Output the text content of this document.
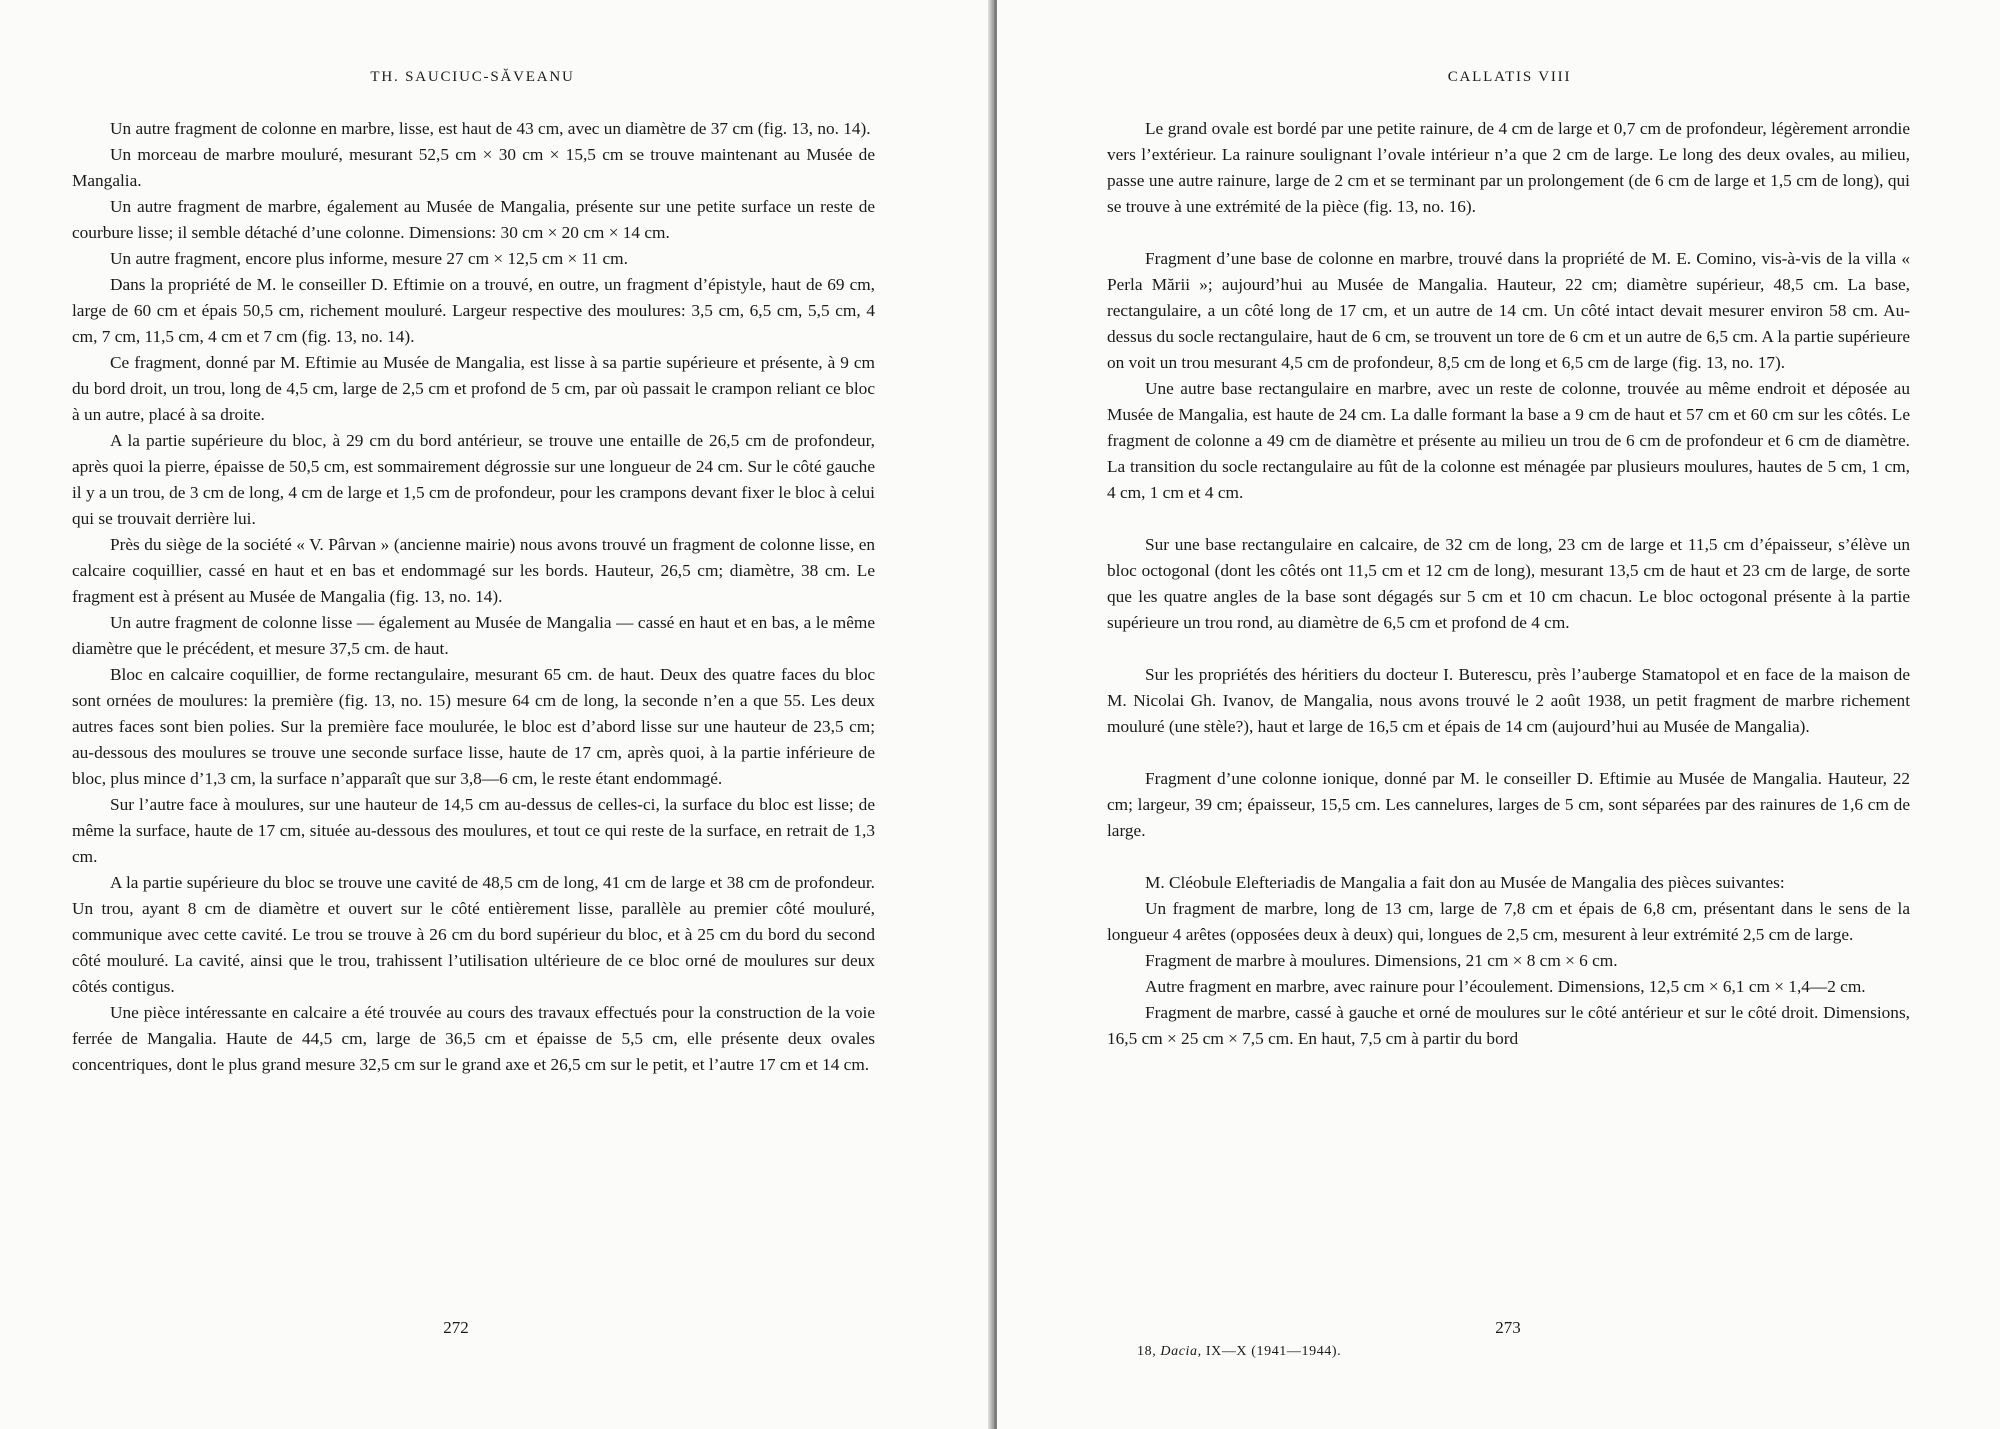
TH. SAUCIUC-SĂVEANU

Un autre fragment de colonne en marbre, lisse, est haut de 43 cm, avec un diamètre de 37 cm (fig. 13, no. 14).

Un morceau de marbre mouluré, mesurant 52,5 cm × 30 cm × 15,5 cm se trouve maintenant au Musée de Mangalia.

Un autre fragment de marbre, également au Musée de Mangalia, présente sur une petite surface un reste de courbure lisse; il semble détaché d’une colonne. Dimensions: 30 cm × 20 cm × 14 cm.

Un autre fragment, encore plus informe, mesure 27 cm × 12,5 cm × 11 cm.

Dans la propriété de M. le conseiller D. Eftimie on a trouvé, en outre, un fragment d’épistyle, haut de 69 cm, large de 60 cm et épais 50,5 cm, richement mouluré. Largeur respective des moulures: 3,5 cm, 6,5 cm, 5,5 cm, 4 cm, 7 cm, 11,5 cm, 4 cm et 7 cm (fig. 13, no. 14).

Ce fragment, donné par M. Eftimie au Musée de Mangalia, est lisse à sa partie supérieure et présente, à 9 cm du bord droit, un trou, long de 4,5 cm, large de 2,5 cm et profond de 5 cm, par où passait le crampon reliant ce bloc à un autre, placé à sa droite.

A la partie supérieure du bloc, à 29 cm du bord antérieur, se trouve une entaille de 26,5 cm de profondeur, après quoi la pierre, épaisse de 50,5 cm, est sommairement dégrossie sur une longueur de 24 cm. Sur le côté gauche il y a un trou, de 3 cm de long, 4 cm de large et 1,5 cm de profondeur, pour les crampons devant fixer le bloc à celui qui se trouvait derrière lui.

Près du siège de la société « V. Pârvan » (ancienne mairie) nous avons trouvé un fragment de colonne lisse, en calcaire coquillier, cassé en haut et en bas et endommagé sur les bords. Hauteur, 26,5 cm; diamètre, 38 cm. Le fragment est à présent au Musée de Mangalia (fig. 13, no. 14).

Un autre fragment de colonne lisse — également au Musée de Mangalia — cassé en haut et en bas, a le même diamètre que le précédent, et mesure 37,5 cm. de haut.

Bloc en calcaire coquillier, de forme rectangulaire, mesurant 65 cm. de haut. Deux des quatre faces du bloc sont ornées de moulures: la première (fig. 13, no. 15) mesure 64 cm de long, la seconde n’en a que 55. Les deux autres faces sont bien polies. Sur la première face moulurée, le bloc est d’abord lisse sur une hauteur de 23,5 cm; au-dessous des moulures se trouve une seconde surface lisse, haute de 17 cm, après quoi, à la partie inférieure de bloc, plus mince d’1,3 cm, la surface n’apparaît que sur 3,8—6 cm, le reste étant endommagé.

Sur l’autre face à moulures, sur une hauteur de 14,5 cm au-dessus de celles-ci, la surface du bloc est lisse; de même la surface, haute de 17 cm, située au-dessous des moulures, et tout ce qui reste de la surface, en retrait de 1,3 cm.

A la partie supérieure du bloc se trouve une cavité de 48,5 cm de long, 41 cm de large et 38 cm de profondeur. Un trou, ayant 8 cm de diamètre et ouvert sur le côté entièrement lisse, parallèle au premier côté mouluré, communique avec cette cavité. Le trou se trouve à 26 cm du bord supérieur du bloc, et à 25 cm du bord du second côté mouluré. La cavité, ainsi que le trou, trahissent l’utilisation ultérieure de ce bloc orné de moulures sur deux côtés contigus.

Une pièce intéressante en calcaire a été trouvée au cours des travaux effectués pour la construction de la voie ferrée de Mangalia. Haute de 44,5 cm, large de 36,5 cm et épaisse de 5,5 cm, elle présente deux ovales concentriques, dont le plus grand mesure 32,5 cm sur le grand axe et 26,5 cm sur le petit, et l’autre 17 cm et 14 cm.

272
CALLATIS VIII

Le grand ovale est bordé par une petite rainure, de 4 cm de large et 0,7 cm de profondeur, légèrement arrondie vers l’extérieur. La rainure soulignant l’ovale intérieur n’a que 2 cm de large. Le long des deux ovales, au milieu, passe une autre rainure, large de 2 cm et se terminant par un prolongement (de 6 cm de large et 1,5 cm de long), qui se trouve à une extrémité de la pièce (fig. 13, no. 16).

Fragment d’une base de colonne en marbre, trouvé dans la propriété de M. E. Comino, vis-à-vis de la villa « Perla Mării »; aujourd’hui au Musée de Mangalia. Hauteur, 22 cm; diamètre supérieur, 48,5 cm. La base, rectangulaire, a un côté long de 17 cm, et un autre de 14 cm. Un côté intact devait mesurer environ 58 cm. Au-dessus du socle rectangulaire, haut de 6 cm, se trouvent un tore de 6 cm et un autre de 6,5 cm. A la partie supérieure on voit un trou mesurant 4,5 cm de profondeur, 8,5 cm de long et 6,5 cm de large (fig. 13, no. 17).

Une autre base rectangulaire en marbre, avec un reste de colonne, trouvée au même endroit et déposée au Musée de Mangalia, est haute de 24 cm. La dalle formant la base a 9 cm de haut et 57 cm et 60 cm sur les côtés. Le fragment de colonne a 49 cm de diamètre et présente au milieu un trou de 6 cm de profondeur et 6 cm de diamètre. La transition du socle rectangulaire au fût de la colonne est ménagée par plusieurs moulures, hautes de 5 cm, 1 cm, 4 cm, 1 cm et 4 cm.

Sur une base rectangulaire en calcaire, de 32 cm de long, 23 cm de large et 11,5 cm d’épaisseur, s’élève un bloc octogonal (dont les côtés ont 11,5 cm et 12 cm de long), mesurant 13,5 cm de haut et 23 cm de large, de sorte que les quatre angles de la base sont dégagés sur 5 cm et 10 cm chacun. Le bloc octogonal présente à la partie supérieure un trou rond, au diamètre de 6,5 cm et profond de 4 cm.

Sur les propriétés des héritiers du docteur I. Buterescu, près l’auberge Stamatopol et en face de la maison de M. Nicolai Gh. Ivanov, de Mangalia, nous avons trouvé le 2 août 1938, un petit fragment de marbre richement mouluré (une stèle?), haut et large de 16,5 cm et épais de 14 cm (aujourd’hui au Musée de Mangalia).

Fragment d’une colonne ionique, donné par M. le conseiller D. Eftimie au Musée de Mangalia. Hauteur, 22 cm; largeur, 39 cm; épaisseur, 15,5 cm. Les cannelures, larges de 5 cm, sont séparées par des rainures de 1,6 cm de large.

M. Cléobule Elefteriadis de Mangalia a fait don au Musée de Mangalia des pièces suivantes:

Un fragment de marbre, long de 13 cm, large de 7,8 cm et épais de 6,8 cm, présentant dans le sens de la longueur 4 arêtes (opposées deux à deux) qui, longues de 2,5 cm, mesurent à leur extrémité 2,5 cm de large.

Fragment de marbre à moulures. Dimensions, 21 cm × 8 cm × 6 cm.

Autre fragment en marbre, avec rainure pour l’écoulement. Dimensions, 12,5 cm × 6,1 cm × 1,4—2 cm.

Fragment de marbre, cassé à gauche et orné de moulures sur le côté antérieur et sur le côté droit. Dimensions, 16,5 cm × 25 cm × 7,5 cm. En haut, 7,5 cm à partir du bord

273
18, Dacia, IX—X (1941—1944).
